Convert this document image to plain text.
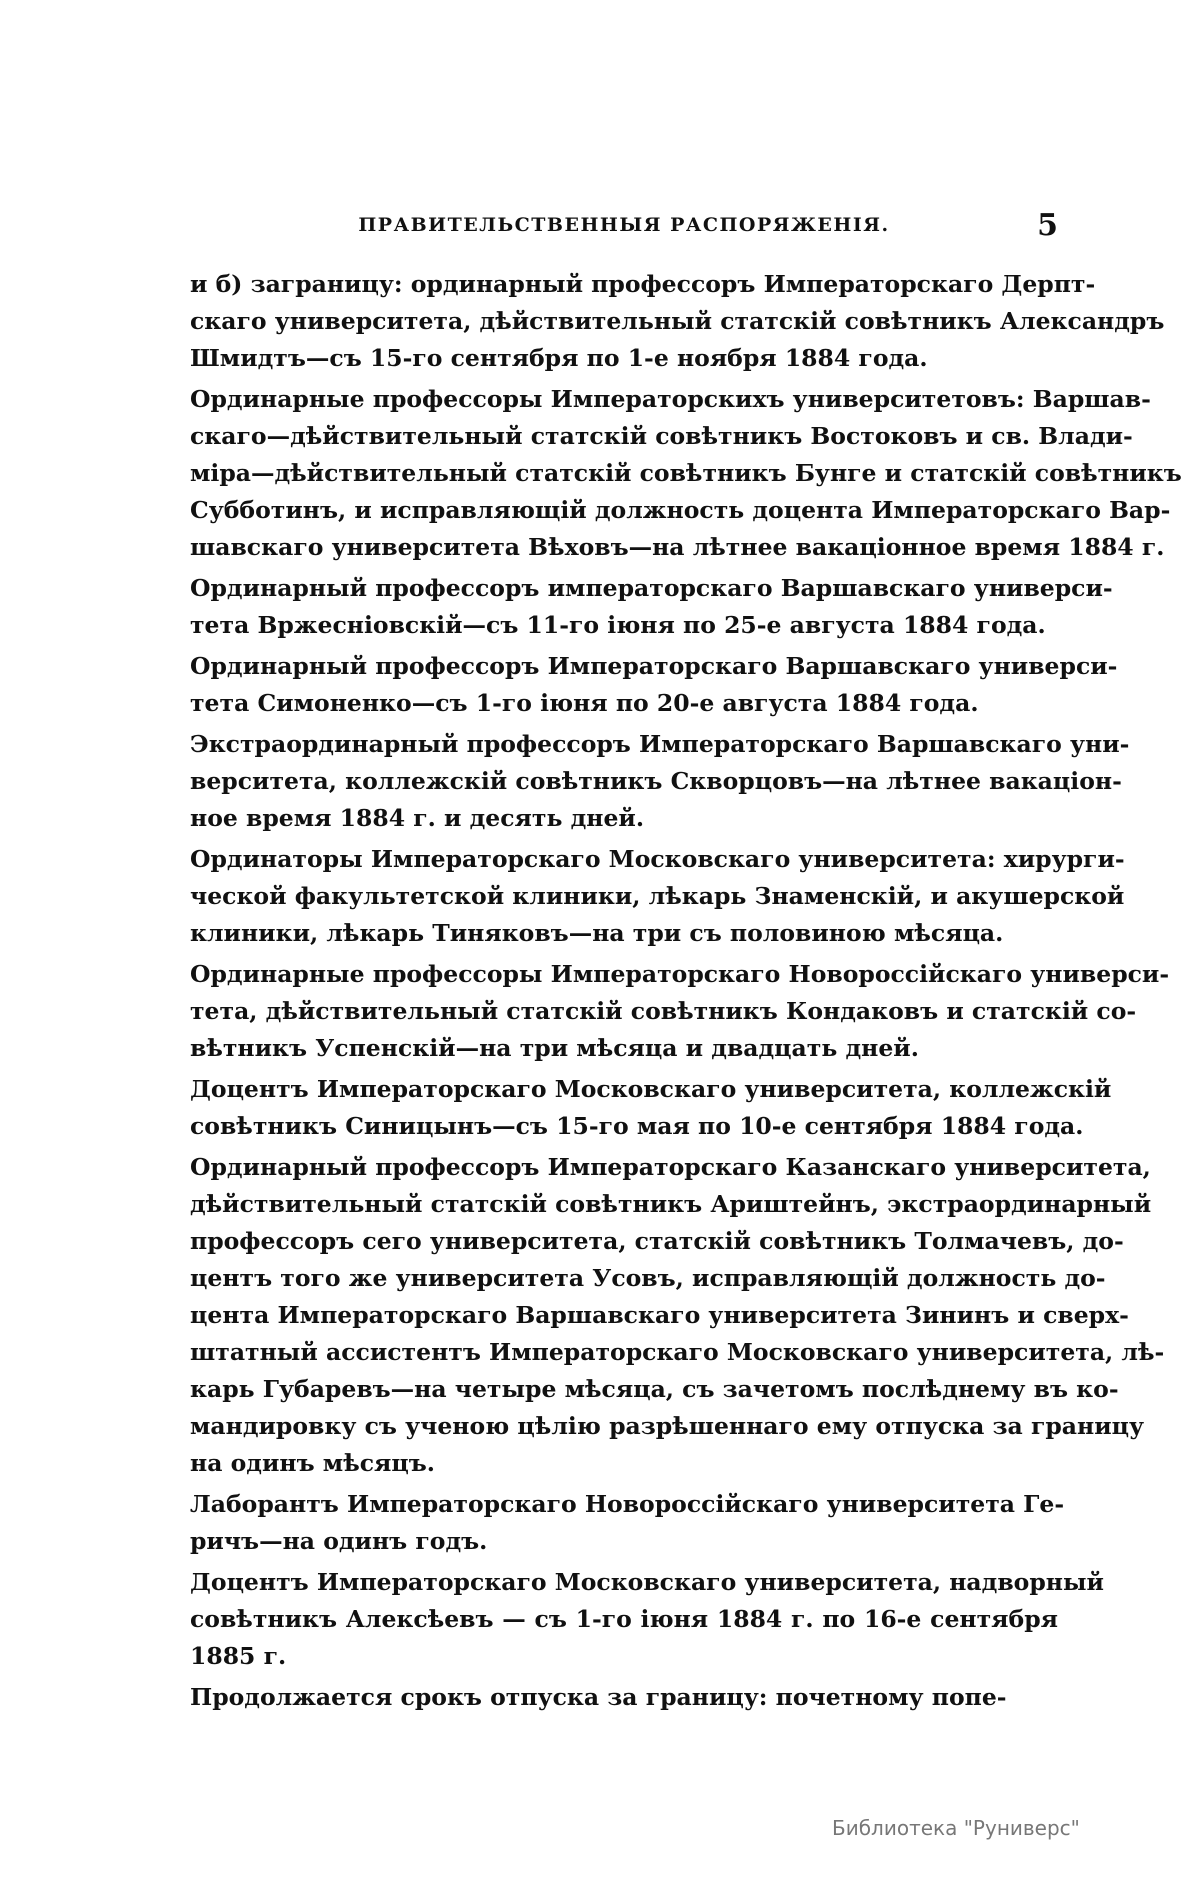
ПРАВИТЕЛЬСТВЕННЫЯ РАСПОРЯЖЕНІЯ.	5
и б) заграницу: ординарный профессоръ Императорскаго Дерпт-
скаго университета, дѣйствительный статскій совѣтникъ Александръ
Шмидтъ—съ 15-го сентября по 1-е ноября 1884 года.
Ординарные профессоры Императорскихъ университетовъ: Варшав-
скаго—дѣйствительный статскій совѣтникъ Востоковъ и св. Влади-
міра—дѣйствительный статскій совѣтникъ Бунге и статскій совѣтникъ
Субботинъ, и исправляющій должность доцента Императорскаго Вар-
шавскаго университета Вѣховъ—на лѣтнее вакаціонное время 1884 г.
Ординарный профессоръ императорскаго Варшавскаго универси-
тета Вржесніовскій—съ 11-го іюня по 25-е августа 1884 года.
Ординарный профессоръ Императорскаго Варшавскаго универси-
тета Симоненко—съ 1-го іюня по 20-е августа 1884 года.
Экстраординарный профессоръ Императорскаго Варшавскаго уни-
верситета, коллежскій совѣтникъ Скворцовъ—на лѣтнее вакаціон-
ное время 1884 г. и десять дней.
Ординаторы Императорскаго Московскаго университета: хирурги-
ческой факультетской клиники, лѣкарь Знаменскій, и акушерской
клиники, лѣкарь Тиняковъ—на три съ половиною мѣсяца.
Ординарные профессоры Императорскаго Новороссійскаго универси-
тета, дѣйствительный статскій совѣтникъ Кондаковъ и статскій со-
вѣтникъ Успенскій—на три мѣсяца и двадцать дней.
Доцентъ Императорскаго Московскаго университета, коллежскій
совѣтникъ Синицынъ—съ 15-го мая по 10-е сентября 1884 года.
Ординарный профессоръ Императорскаго Казанскаго университета,
дѣйствительный статскій совѣтникъ Ариштейнъ, экстраординарный
профессоръ сего университета, статскій совѣтникъ Толмачевъ, до-
центъ того же университета Усовъ, исправляющій должность до-
цента Императорскаго Варшавскаго университета Зининъ и сверх-
штатный ассистентъ Императорскаго Московскаго университета, лѣ-
карь Губаревъ—на четыре мѣсяца, съ зачетомъ послѣднему въ ко-
мандировку съ ученою цѣлію разрѣшеннаго ему отпуска за границу
на одинъ мѣсяцъ.
Лаборантъ Императорскаго Новороссійскаго университета Ге-
ричъ—на одинъ годъ.
Доцентъ Императорскаго Московскаго университета, надворный
совѣтникъ Алексѣевъ — съ 1-го іюня 1884 г. по 16-е сентября
1885 г.
Продолжается срокъ отпуска за границу: почетному попе-
Библиотека "Руниверс"
